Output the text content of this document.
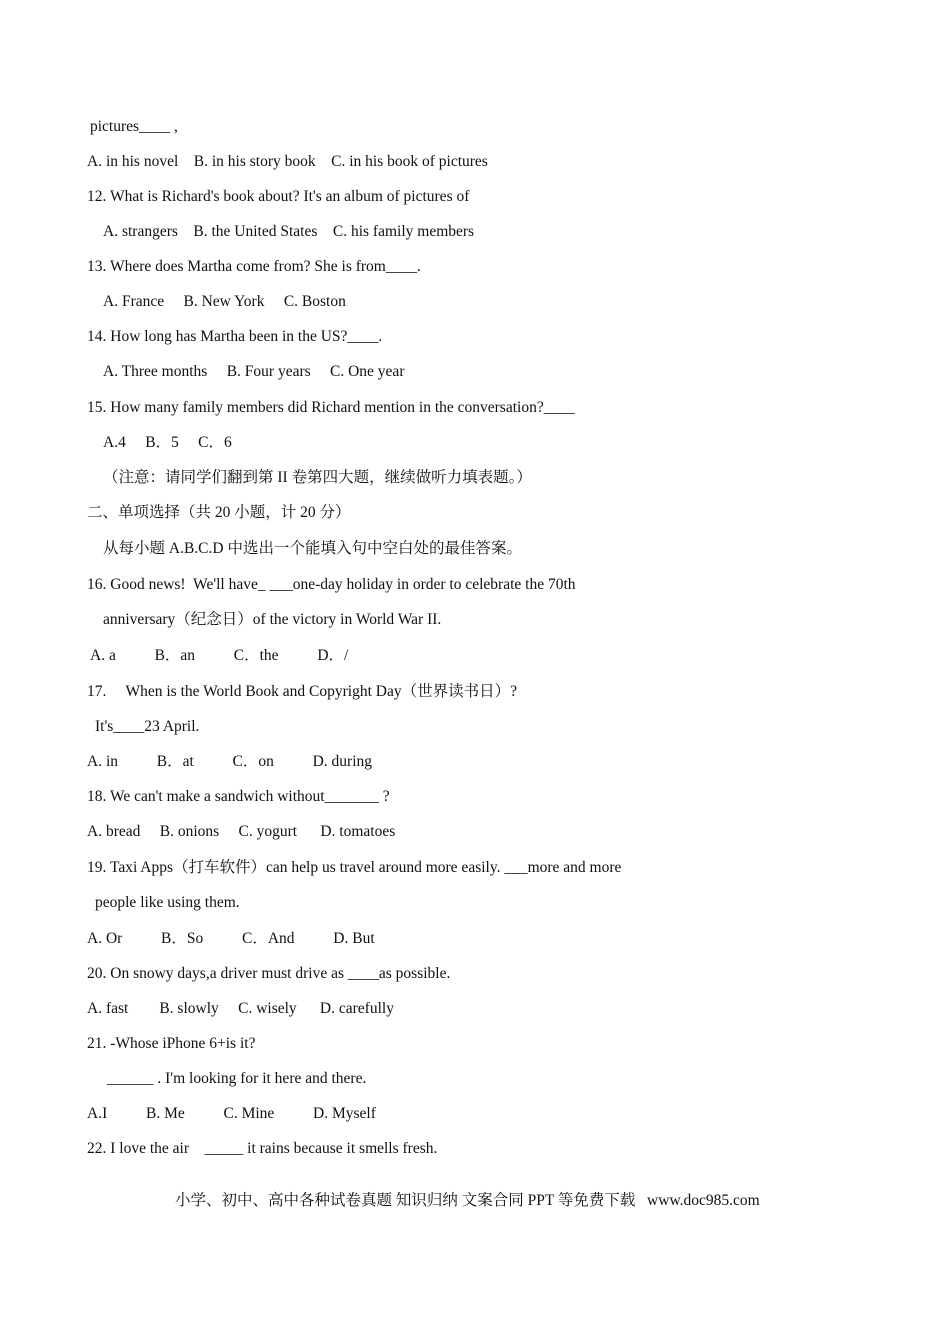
pictures____ ,
A. in his novel    B. in his story book    C. in his book of pictures
12. What is Richard's book about? It's an album of pictures of
A. strangers    B. the United States    C. his family members
13. Where does Martha come from? She is from____.
A. France     B. New York     C. Boston
14. How long has Martha been in the US?____.
A. Three months     B. Four years     C. One year
15. How many family members did Richard mention in the conversation?____
A.4     B．5     C．6
（注意：请同学们翻到第 II 卷第四大题，继续做听力填表题。）
二、单项选择（共 20 小题，计 20 分）
从每小题 A.B.C.D 中选出一个能填入句中空白处的最佳答案。
16. Good news!  We'll have_ ___one-day holiday in order to celebrate the 70th
anniversary（纪念日）of the victory in World War II.
A. a          B．an          C．the          D．/
17.     When is the World Book and Copyright Day（世界读书日）?
It's____23 April.
A. in          B．at          C．on          D. during
18. We can't make a sandwich without_______ ?
A. bread     B. onions     C. yogurt      D. tomatoes
19. Taxi Apps（打车软件）can help us travel around more easily. ___more and more
people like using them.
A. Or          B．So          C．And          D. But
20. On snowy days,a driver must drive as ____as possible.
A. fast        B. slowly     C. wisely      D. carefully
21. -Whose iPhone 6+is it?
______ . I'm looking for it here and there.
A.I          B. Me          C. Mine          D. Myself
22. I love the air    _____ it rains because it smells fresh.
小学、初中、高中各种试卷真题 知识归纳 文案合同 PPT 等免费下载   www.doc985.com
